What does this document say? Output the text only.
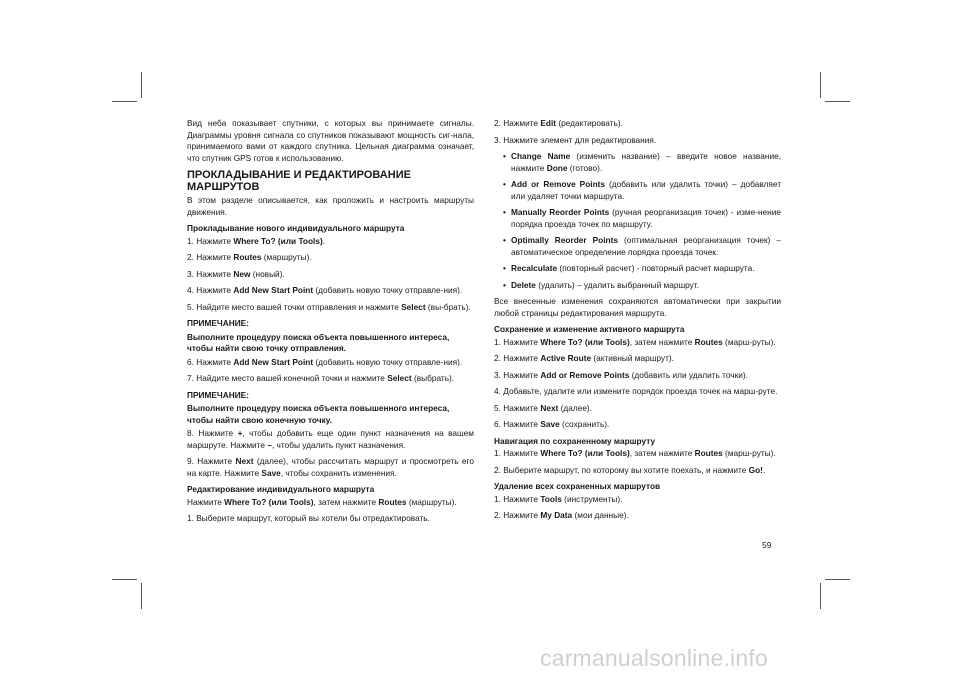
Вид неба показывает спутники, с которых вы принимаете сигналы. Диаграммы уровня сигнала со спутников показывают мощность сиг-нала, принимаемого вами от каждого спутника. Цельная диаграмма означает, что спутник GPS готов к использованию.
ПРОКЛАДЫВАНИЕ И РЕДАКТИРОВАНИЕ МАРШРУТОВ
В этом разделе описывается, как проложить и настроить маршруты движения.
Прокладывание нового индивидуального маршрута
1. Нажмите Where To? (или Tools).
2. Нажмите Routes (маршруты).
3. Нажмите New (новый).
4. Нажмите Add New Start Point (добавить новую точку отправле-ния).
5. Найдите место вашей точки отправления и нажмите Select (вы-брать).
ПРИМЕЧАНИЕ:
Выполните процедуру поиска объекта повышенного интереса, чтобы найти свою точку отправления.
6. Нажмите Add New Start Point (добавить новую точку отправле-ния).
7. Найдите место вашей конечной точки и нажмите Select (выбрать).
ПРИМЕЧАНИЕ:
Выполните процедуру поиска объекта повышенного интереса, чтобы найти свою конечную точку.
8. Нажмите +, чтобы добавить еще один пункт назначения на вашем маршруте. Нажмите –, чтобы удалить пункт назначения.
9. Нажмите Next (далее), чтобы рассчитать маршрут и просмотреть его на карте. Нажмите Save, чтобы сохранить изменения.
Редактирование индивидуального маршрута
Нажмите Where To? (или Tools), затем нажмите Routes (маршруты).
1. Выберите маршрут, который вы хотели бы отредактировать.
2. Нажмите Edit (редактировать).
3. Нажмите элемент для редактирования.
• Change Name (изменить название) – введите новое название, нажмите Done (готово).
• Add or Remove Points (добавить или удалить точки) – добавляет или удаляет точки маршрута.
• Manually Reorder Points (ручная реорганизация точек) - изме-нение порядка проезда точек по маршруту.
• Optimally Reorder Points (оптимальная реорганизация точек) – автоматическое определение порядка проезда точек.
• Recalculate (повторный расчет) - повторный расчет маршрута.
• Delete (удалить) – удалить выбранный маршрут.
Все внесенные изменения сохраняются автоматически при закрытии любой страницы редактирования маршрута.
Сохранение и изменение активного маршрута
1. Нажмите Where To? (или Tools), затем нажмите Routes (марш-руты).
2. Нажмите Active Route (активный маршрут).
3. Нажмите Add or Remove Points (добавить или удалить точки).
4. Добавьте, удалите или измените порядок проезда точек на марш-руте.
5. Нажмите Next (далее).
6. Нажмите Save (сохранить).
Навигация по сохраненному маршруту
1. Нажмите Where To? (или Tools), затем нажмите Routes (марш-руты).
2. Выберите маршрут, по которому вы хотите поехать, и нажмите Go!.
Удаление всех сохраненных маршрутов
1. Нажмите Tools (инструменты).
2. Нажмите My Data (мои данные).
59
carmanualsonline.info
